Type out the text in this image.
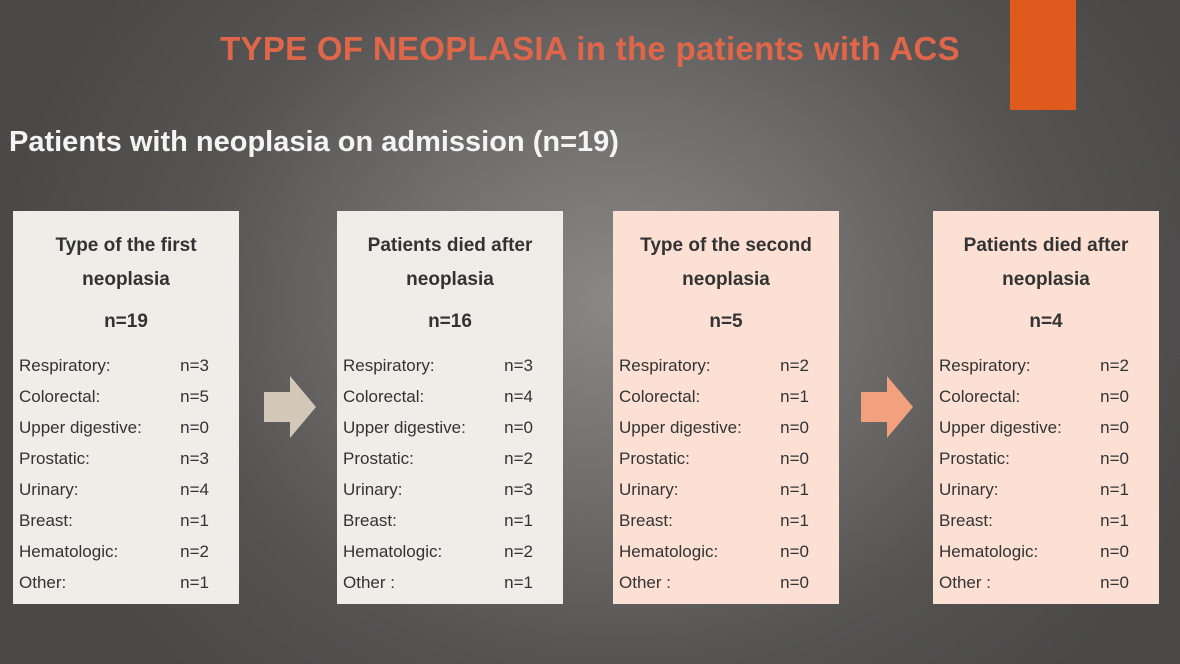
TYPE OF NEOPLASIA in the patients with ACS
Patients with neoplasia on admission (n=19)
Type of the first
neoplasia
n=19
Respiratory:	n=3
Colorectal:	n=5
Upper digestive: n=0
Prostatic:	n=3
Urinary:	n=4
Breast:	n=1
Hematologic:	n=2
Other:	n=1
Patients died after
neoplasia
n=16
Respiratory:	n=3
Colorectal:	n=4
Upper digestive: n=0
Prostatic:	n=2
Urinary:	n=3
Breast:	n=1
Hematologic:	n=2
Other :	n=1
Type of the second
neoplasia
n=5
Respiratory:	n=2
Colorectal:	n=1
Upper digestive: n=0
Prostatic:	n=0
Urinary:	n=1
Breast:	n=1
Hematologic:	n=0
Other :	n=0
Patients died after
neoplasia
n=4
Respiratory:	n=2
Colorectal:	n=0
Upper digestive: n=0
Prostatic:	n=0
Urinary:	n=1
Breast:	n=1
Hematologic:	n=0
Other :	n=0
